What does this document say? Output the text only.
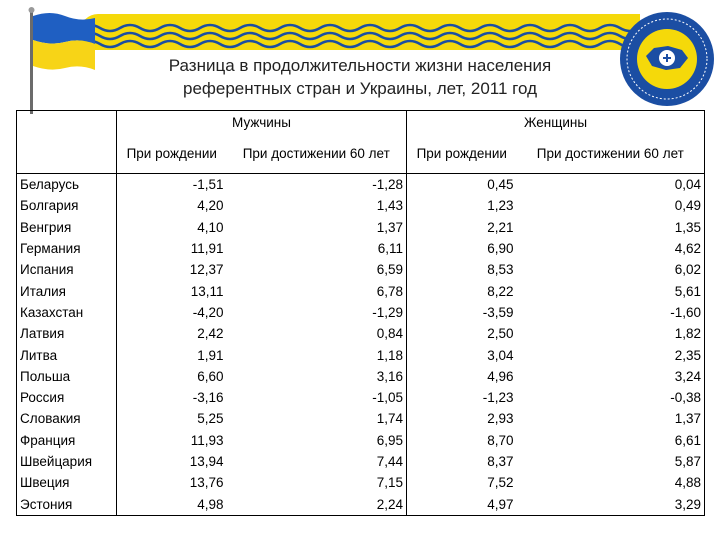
Разница в продолжительности жизни населения
референтных стран и Украины, лет, 2011 год
	Мужчины		Женщины	
	При рождении	При достижении 60 лет	При рождении	При достижении 60 лет
Беларусь	-1,51	-1,28	0,45	0,04
Болгария	4,20	1,43	1,23	0,49
Венгрия	4,10	1,37	2,21	1,35
Германия	11,91	6,11	6,90	4,62
Испания	12,37	6,59	8,53	6,02
Италия	13,11	6,78	8,22	5,61
Казахстан	-4,20	-1,29	-3,59	-1,60
Латвия	2,42	0,84	2,50	1,82
Литва	1,91	1,18	3,04	2,35
Польша	6,60	3,16	4,96	3,24
Россия	-3,16	-1,05	-1,23	-0,38
Словакия	5,25	1,74	2,93	1,37
Франция	11,93	6,95	8,70	6,61
Швейцария	13,94	7,44	8,37	5,87
Швеция	13,76	7,15	7,52	4,88
Эстония	4,98	2,24	4,97	3,29
